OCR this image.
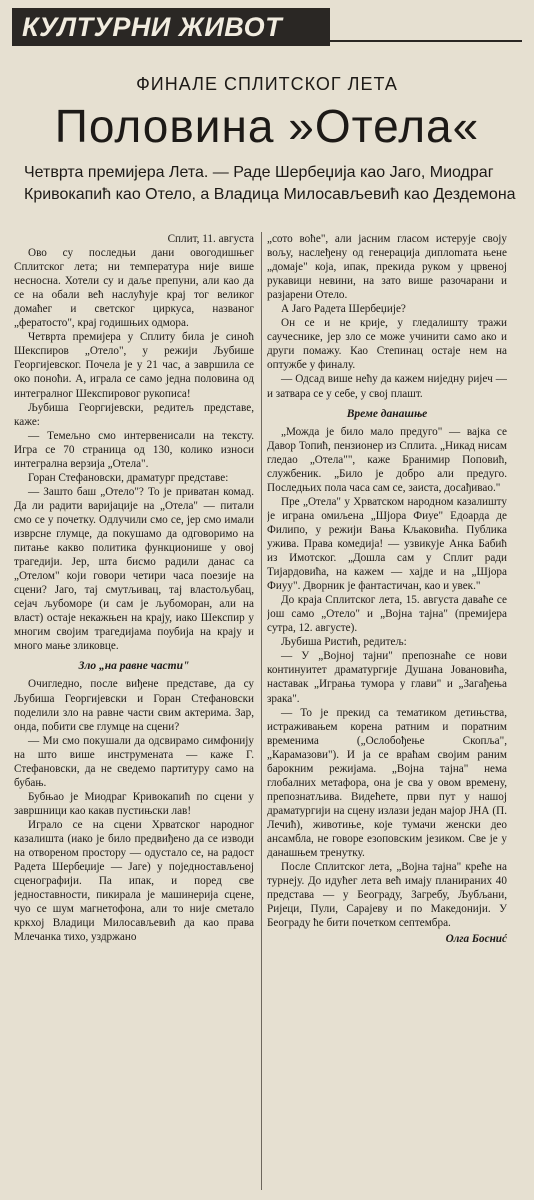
КУЛТУРНИ ЖИВОТ
ФИНАЛЕ СПЛИТСКОГ ЛЕТА
Половина »Отела«
Четврта премијера Лета. — Раде Шербеџија као Јаго, Миодраг Кривокапић као Отело, а Владица Милосављевић као Дездемона

Сплит, 11. августа

Ово су последњи дани овогодишњег Сплитског лета; ни температура није више несносна. Хотели су и даље препуни, али као да се на обали већ наслућује крај тог великог домаћег и светског циркуса, названог „фератосто", крај годишњих одмора.

Четврта премијера у Сплиту била је синоћ Шекспиров „Отело", у режији Љубише Георгијевског. Почела је у 21 час, а завршила се око поноћи. А, играла се само једна половина од интегралног Шекспировог рукописа!

Љубиша Георгијевски, редитељ представе, каже:

— Темељно смо интервенисали на тексту. Игра се 70 страница од 130, колико износи интегрална верзија „Отела".

Горан Стефановски, драматург представе:

— Зашто баш „Отело"? То је приватан комад. Да ли радити варијације на „Отела" — питали смо се у почетку. Одлучили смо се, јер смо имали изврсне глумце, да покушамо да одговоримо на питање какво политика функционише у овој трагедији. Јер, шта бисмо радили данас са „Отелом" који говори четири часа поезије на сцени? Јаго, тај смутљивац, тај властољубац, сејач љубоморе (и сам је љубоморан, али на власт) остаје некажњен на крају, иако Шекспир у многим својим трагедијама поубија на крају и много мање зликовце.

Зло „на равне части"

Очигледно, после виђене представе, да су Љубиша Георгијевски и Горан Стефановски поделили зло на равне части свим актерима. Зар, онда, побити све глумце на сцени?

— Ми смо покушали да одсвирамо симфонију на што више инструмената — каже Г. Стефановски, да не сведемо партитуру само на бубањ.

Бубњао је Миодраг Кривокапић по сцени у завршници као какав пустињски лав!

Играло се на сцени Хрватског народног казалишта (иако је било предвиђено да се изводи на отвореном простору — одустало се, на радост Радета Шербеџије — Јаге) у поједностављеној сценографији. Па ипак, и поред све једноставности, пикирала је машинерија сцене, чуо се шум магнетофона, али то није сметало кркхој Владици Милосављевић да као права Млечанка тихо, уздржано

„сото воће", али јасним гласом истерује своју вољу, наслеђену од генерација диплomата њене „домаје" која, ипак, прекида руком у црвеној рукавици невини, на зато више разочарани и разјарени Отело.

А Јаго Радета Шербеџије?

Он се и не крије, у гледалишту тражи саучеснике, јер зло се може учинити само ако и други помажу. Као Степинац остаје нем на оптужбе у финалу.

— Одсад више нећу да кажем ниједну ријеч — и затвара се у себе, у свој плашт.

Време данашње

„Можда је било мало предуго" — вајка се Давор Топић, пензионер из Сплита. „Никад нисам гледао „Отела"", каже Бранимир Поповић, службеник. „Било је добро али предуго. Последњих пола часа сам се, заиста, досађивао."

Пре „Отела" у Хрватском народном казалишту је играна омиљена „Шјора Фиуе" Едоарда де Филипо, у режији Вања Кљаковића. Публика ужива. Права комедија! — узвикује Анка Бабић из Имотског. „Дошла сам у Сплит ради Тијардовића, на кажем — хајде и на „Шјора Фиуу". Дворник је фантастичан, као и увек."

До краја Сплитског лета, 15. августа даваће се још само „Отело" и „Војна тајна" (премијера сутра, 12. августе).

Љубиша Ристић, редитељ:

— У „Војној тајни" препознаће се нови континуитет драматургије Душана Јовановића, наставак „Играња тумора у глави" и „Загађења зрака".

— То је прекид са тематиком детињства, истраживањем корена ратним и поратним временима („Ослобођење Скопља", „Карамазови"). И ја се враћам својим раним барокним режијама. „Војна тајна" нема глобалних метафора, она је сва у овом времену, препознатљива. Видећете, први пут у нашој драматургији на сцену излази један мајор ЈНА (П. Лечић), животиње, које тумачи женски део ансамбла, не говоре езоповским језиком. Све је у данашњем тренутку.

После Сплитског лета, „Војна тајна" креће на турнеју. До идућег лета већ имају планираних 40 представа — у Београду, Загребу, Љубљани, Ријеци, Пули, Сарајеву и по Македонији. У Београду ће бити почетком септембра.

Олга Босниć
